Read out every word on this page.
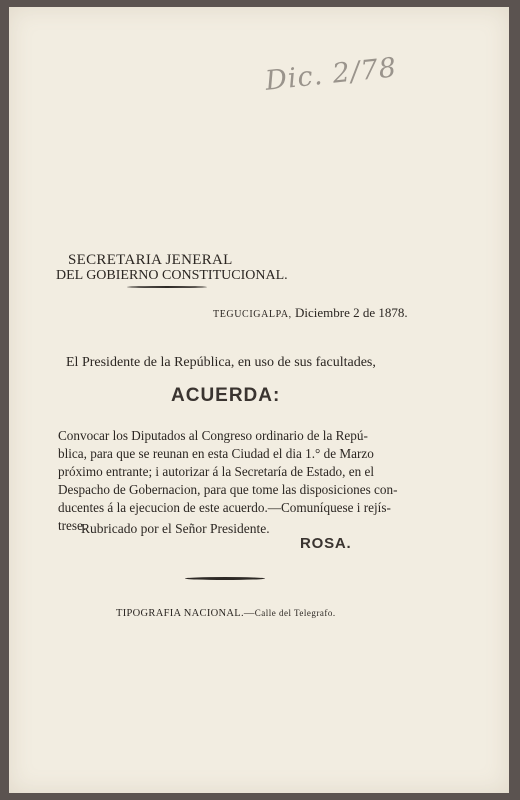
Dic. 2/78
SECRETARIA JENERAL
DEL GOBIERNO CONSTITUCIONAL.
TEGUCIGALPA, Diciembre 2 de 1878.
El Presidente de la República, en uso de sus facultades,
ACUERDA:
Convocar los Diputados al Congreso ordinario de la Repú-
blica, para que se reunan en esta Ciudad el dia 1.° de Marzo
próximo entrante; i autorizar á la Secretaría de Estado, en el
Despacho de Gobernacion, para que tome las disposiciones con-
ducentes á la ejecucion de este acuerdo.—Comuníquese i rejís-
trese.
Rubricado por el Señor Presidente.
ROSA.
TIPOGRAFIA NACIONAL.—Calle del Telegrafo.
